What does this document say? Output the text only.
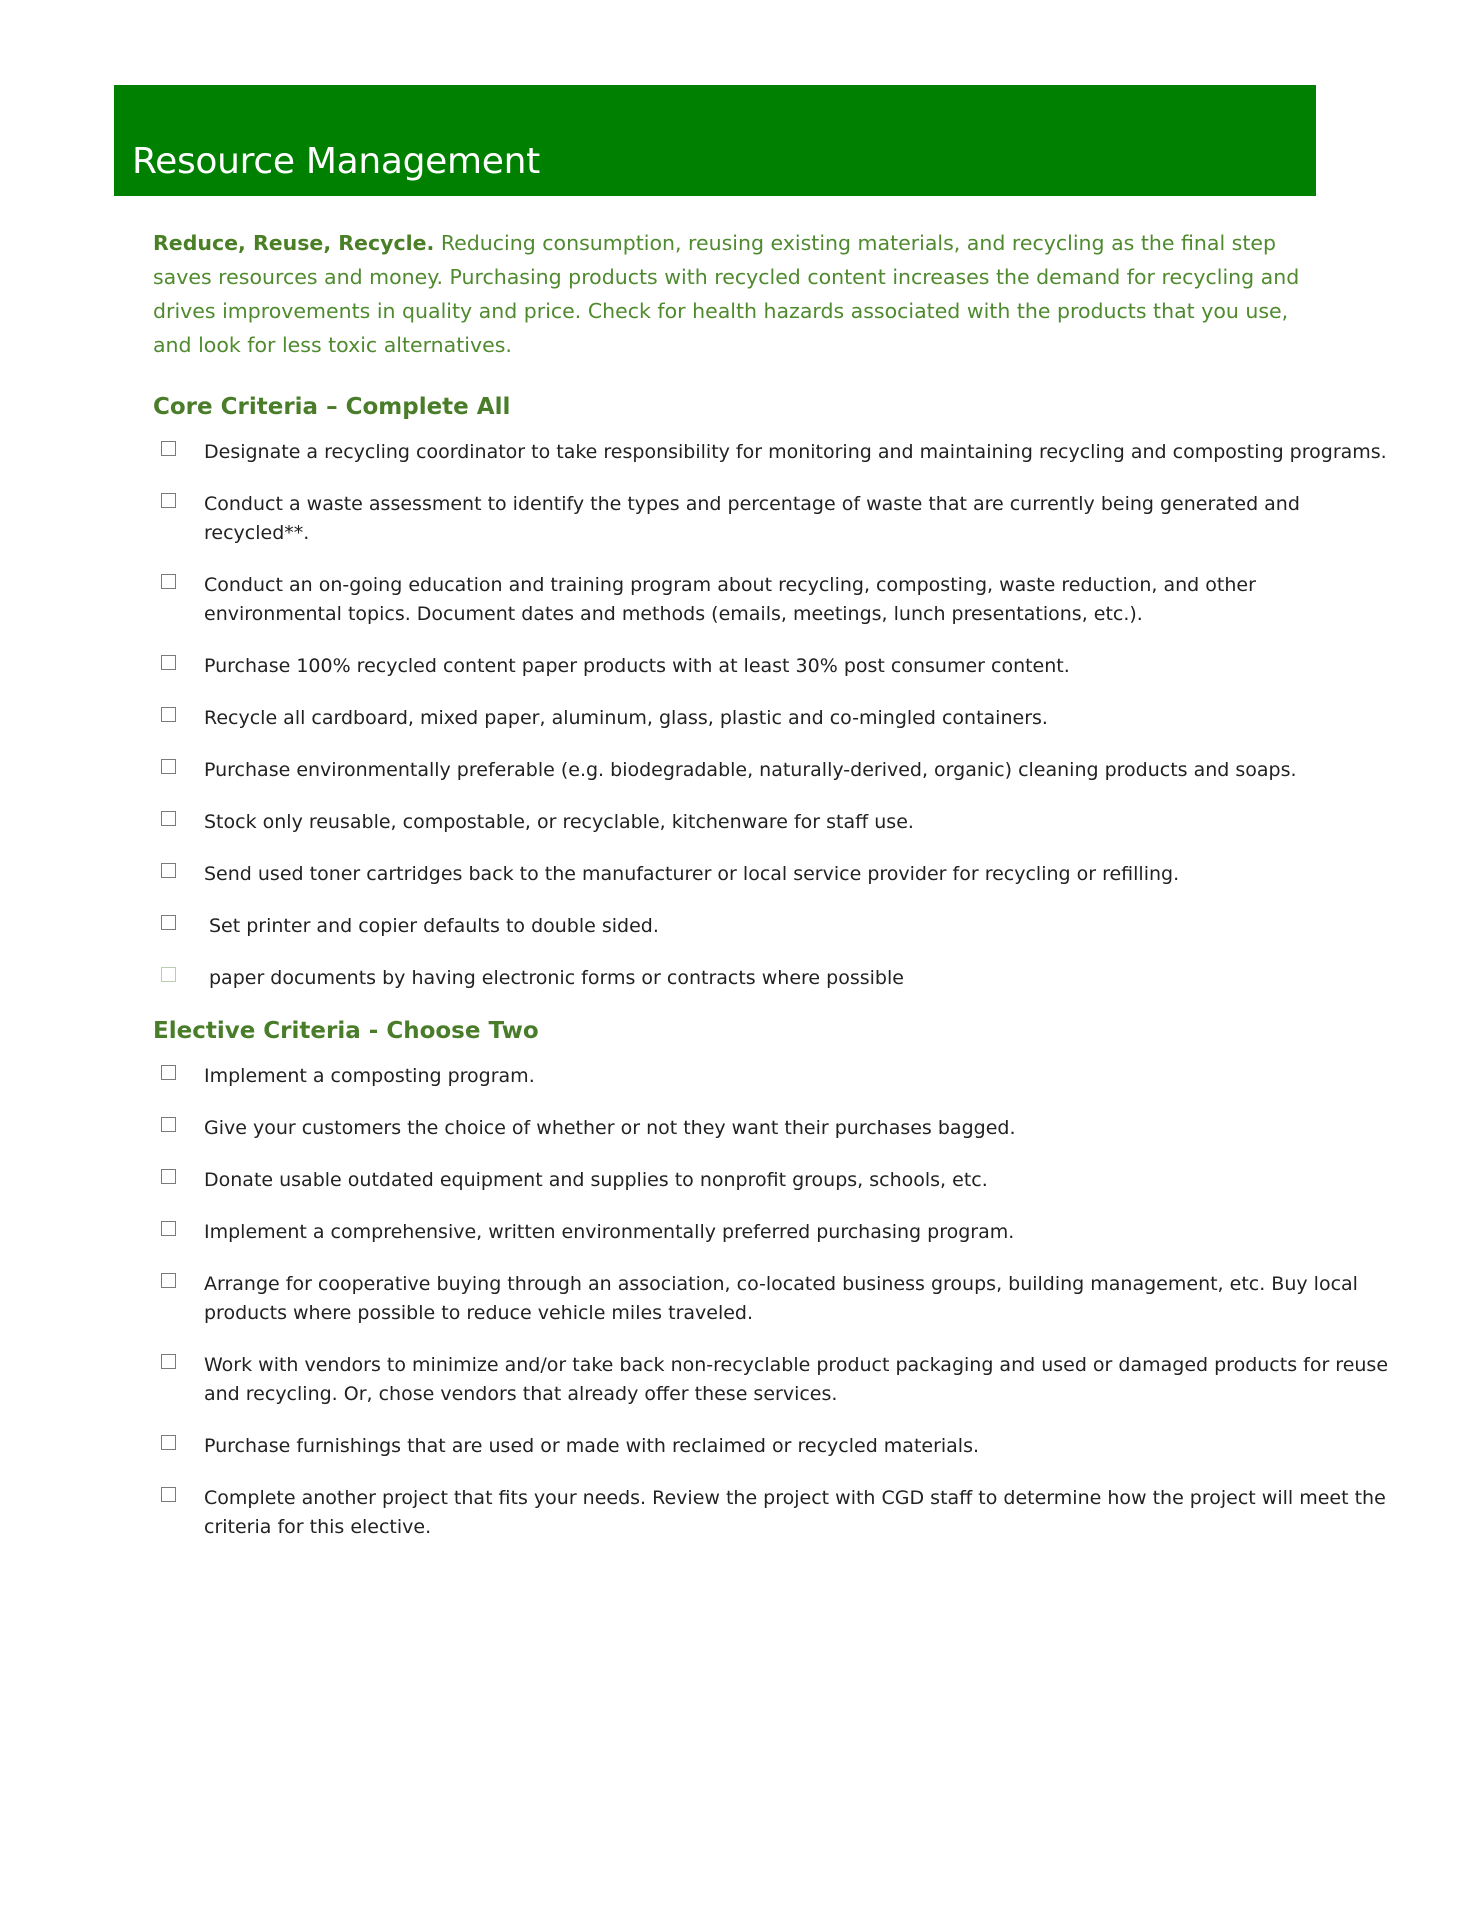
Resource Management

Reduce, Reuse, Recycle. Reducing consumption, reusing existing materials, and recycling as the final step saves resources and money. Purchasing products with recycled content increases the demand for recycling and drives improvements in quality and price. Check for health hazards associated with the products that you use, and look for less toxic alternatives.

Core Criteria – Complete All
Designate a recycling coordinator to take responsibility for monitoring and maintaining recycling and composting programs.
Conduct a waste assessment to identify the types and percentage of waste that are currently being generated and recycled**.
Conduct an on-going education and training program about recycling, composting, waste reduction, and other environmental topics. Document dates and methods (emails, meetings, lunch presentations, etc.).
Purchase 100% recycled content paper products with at least 30% post consumer content.
Recycle all cardboard, mixed paper, aluminum, glass, plastic and co-mingled containers.
Purchase environmentally preferable (e.g. biodegradable, naturally-derived, organic) cleaning products and soaps.
Stock only reusable, compostable, or recyclable, kitchenware for staff use.
Send used toner cartridges back to the manufacturer or local service provider for recycling or refilling.
Set printer and copier defaults to double sided.
paper documents by having electronic forms or contracts where possible
Elective Criteria - Choose Two
Implement a composting program.
Give your customers the choice of whether or not they want their purchases bagged.
Donate usable outdated equipment and supplies to nonprofit groups, schools, etc.
Implement a comprehensive, written environmentally preferred purchasing program.
Arrange for cooperative buying through an association, co-located business groups, building management, etc. Buy local products where possible to reduce vehicle miles traveled.
Work with vendors to minimize and/or take back non-recyclable product packaging and used or damaged products for reuse and recycling. Or, chose vendors that already offer these services.
Purchase furnishings that are used or made with reclaimed or recycled materials.
Complete another project that fits your needs. Review the project with CGD staff to determine how the project will meet the criteria for this elective.
